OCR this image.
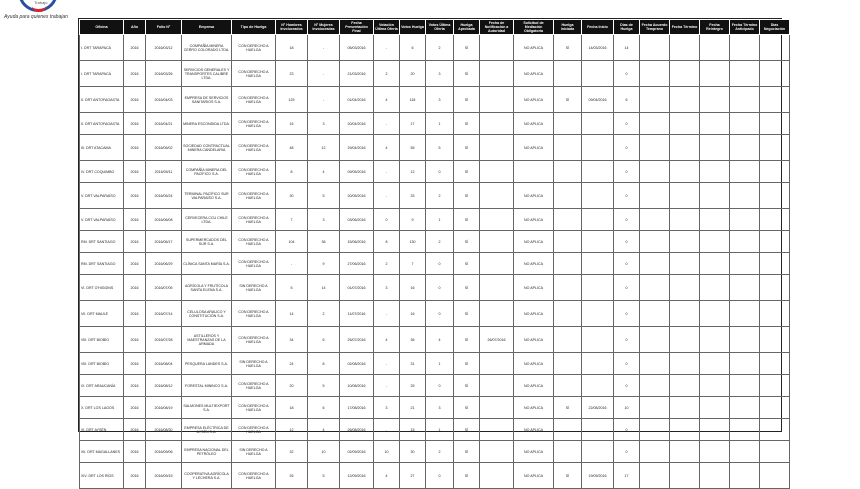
Trabajo
Ayuda para quienes trabajan
Oficina	Año	Folio N°	Empresa	Tipo de Huelga	N° Hombres Involucrados	N° Mujeres Involucradas	Fecha Presentación Final	Votación Última Oferta	Votos Huelga	Votos Última Oferta	Huelga Aprobada	Fecha de Notificación a Autoridad	Solicitud de Mediación Obligatoria	Huelga Iniciada	Fecha Inicio	Días de Huelga	Fecha Acuerdo Temprano	Fecha Término	Fecha Reintegro	Fecha Término Anticipado	Días Negociación
I. DRT TARAPACÁ	2016	2016/03/12	COMPAÑÍA MINERA CERRO COLORADO LTDA.	CON DERECHO A HUELGA	18	-	05/03/2016	-	6	2	SÍ		NO APLICA	SÍ	14/03/2016	14					
I. DRT TARAPACÁ	2016	2016/03/26	SERVICIOS GENERALES Y TRANSPORTES CALIBRE LTDA.	CON DERECHO A HUELGA	23	-	21/03/2016	2	20	3	SÍ		NO APLICA			0					
II. DRT ANTOFAGASTA	2016	2016/04/03	EMPRESA DE SERVICIOS SANITARIOS S.A.	CON DERECHO A HUELGA	125	-	01/04/2016	4	118	3	SÍ		NO APLICA	SÍ	09/04/2016	6					
II. DRT ANTOFAGASTA	2016	2016/04/21	MINERA ESCONDIDA LTDA.	CON DERECHO A HUELGA	15	3	20/04/2016	-	17	1	SÍ		NO APLICA			0					
III. DRT ATACAMA	2016	2016/05/02	SOCIEDAD CONTRACTUAL MINERA CANDELARIA	CON DERECHO A HUELGA	48	12	29/04/2016	4	55	5	SÍ		NO APLICA			0					
IV. DRT COQUIMBO	2016	2016/05/11	COMPAÑÍA MINERA DEL PACÍFICO S.A.	CON DERECHO A HUELGA	8	4	09/05/2016	-	12	0	SÍ					0					
V. DRT VALPARAÍSO	2016	2016/05/24	TERMINAL PACÍFICO SUR VALPARAÍSO S.A.	CON DERECHO A HUELGA	30	5	20/05/2016	-	33	2	SÍ		NO APLICA			0					
V. DRT VALPARAÍSO	2016	2016/06/08	CERVECERA CCU CHILE LTDA.	CON DERECHO A HUELGA	7	3	03/06/2016	0	9	1	SÍ		NO APLICA			0					
RM. DRT SANTIAGO	2016	2016/06/17	SUPERMERCADOS DEL SUR S.A.	CON DERECHO A HUELGA	104	36	15/06/2016	8	130	2	SÍ		NO APLICA			0					
RM. DRT SANTIAGO	2016	2016/06/29	CLÍNICA SANTA MARÍA S.A.	CON DERECHO A HUELGA	-	9	27/06/2016	2	7	0	SÍ		NO APLICA			0					
VI. DRT O'HIGGINS	2016	2016/07/05	AGRÍCOLA Y FRUTÍCOLA SANTA ELENA S.A.	SIN DERECHO A HUELGA	5	14	01/07/2016	3	16	0	SÍ		NO APLICA			0					
VII. DRT MAULE	2016	2016/07/14	CELULOSA ARAUCO Y CONSTITUCIÓN S.A.	CON DERECHO A HUELGA	14	2	11/07/2016	-	16	0	SÍ		NO APLICA			0					
VIII. DRT BIOBÍO	2016	2016/07/28	ASTILLEROS Y MAESTRANZAS DE LA ARMADA	CON DERECHO A HUELGA	34	6	25/07/2016	4	36	4	SÍ	26/07/2016	NO APLICA			0					
VIII. DRT BIOBÍO	2016	2016/08/04	PESQUERA LANDES S.A.	SIN DERECHO A HUELGA	24	8	02/08/2016	-	31	1	SÍ		NO APLICA			0					
IX. DRT ARAUCANÍA	2016	2016/08/12	FORESTAL MININCO S.A.	CON DERECHO A HUELGA	20	5	10/08/2016	-	25	0	SÍ		NO APLICA			0					
X. DRT LOS LAGOS	2016	2016/08/19	SALMONES MULTIEXPORT S.A.	CON DERECHO A HUELGA	18	6	17/08/2016	3	21	3	SÍ		NO APLICA	SÍ	22/08/2016	10					
XI. DRT AYSÉN	2016	2016/08/30	EMPRESA ELÉCTRICA DE AYSÉN S.A.	CON DERECHO A HUELGA	12	4	26/08/2016	-	15	1	SÍ		NO APLICA			0					
XII. DRT MAGALLANES	2016	2016/09/06	EMPRESA NACIONAL DEL PETRÓLEO	SIN DERECHO A HUELGA	32	10	02/09/2016	10	30	2	SÍ		NO APLICA			0					
XIV. DRT LOS RÍOS	2016	2016/09/15	COOPERATIVA AGRÍCOLA Y LECHERA S.A.	CON DERECHO A HUELGA	26	5	12/09/2016	4	27	0	SÍ		NO APLICA	SÍ	19/09/2016	17					
